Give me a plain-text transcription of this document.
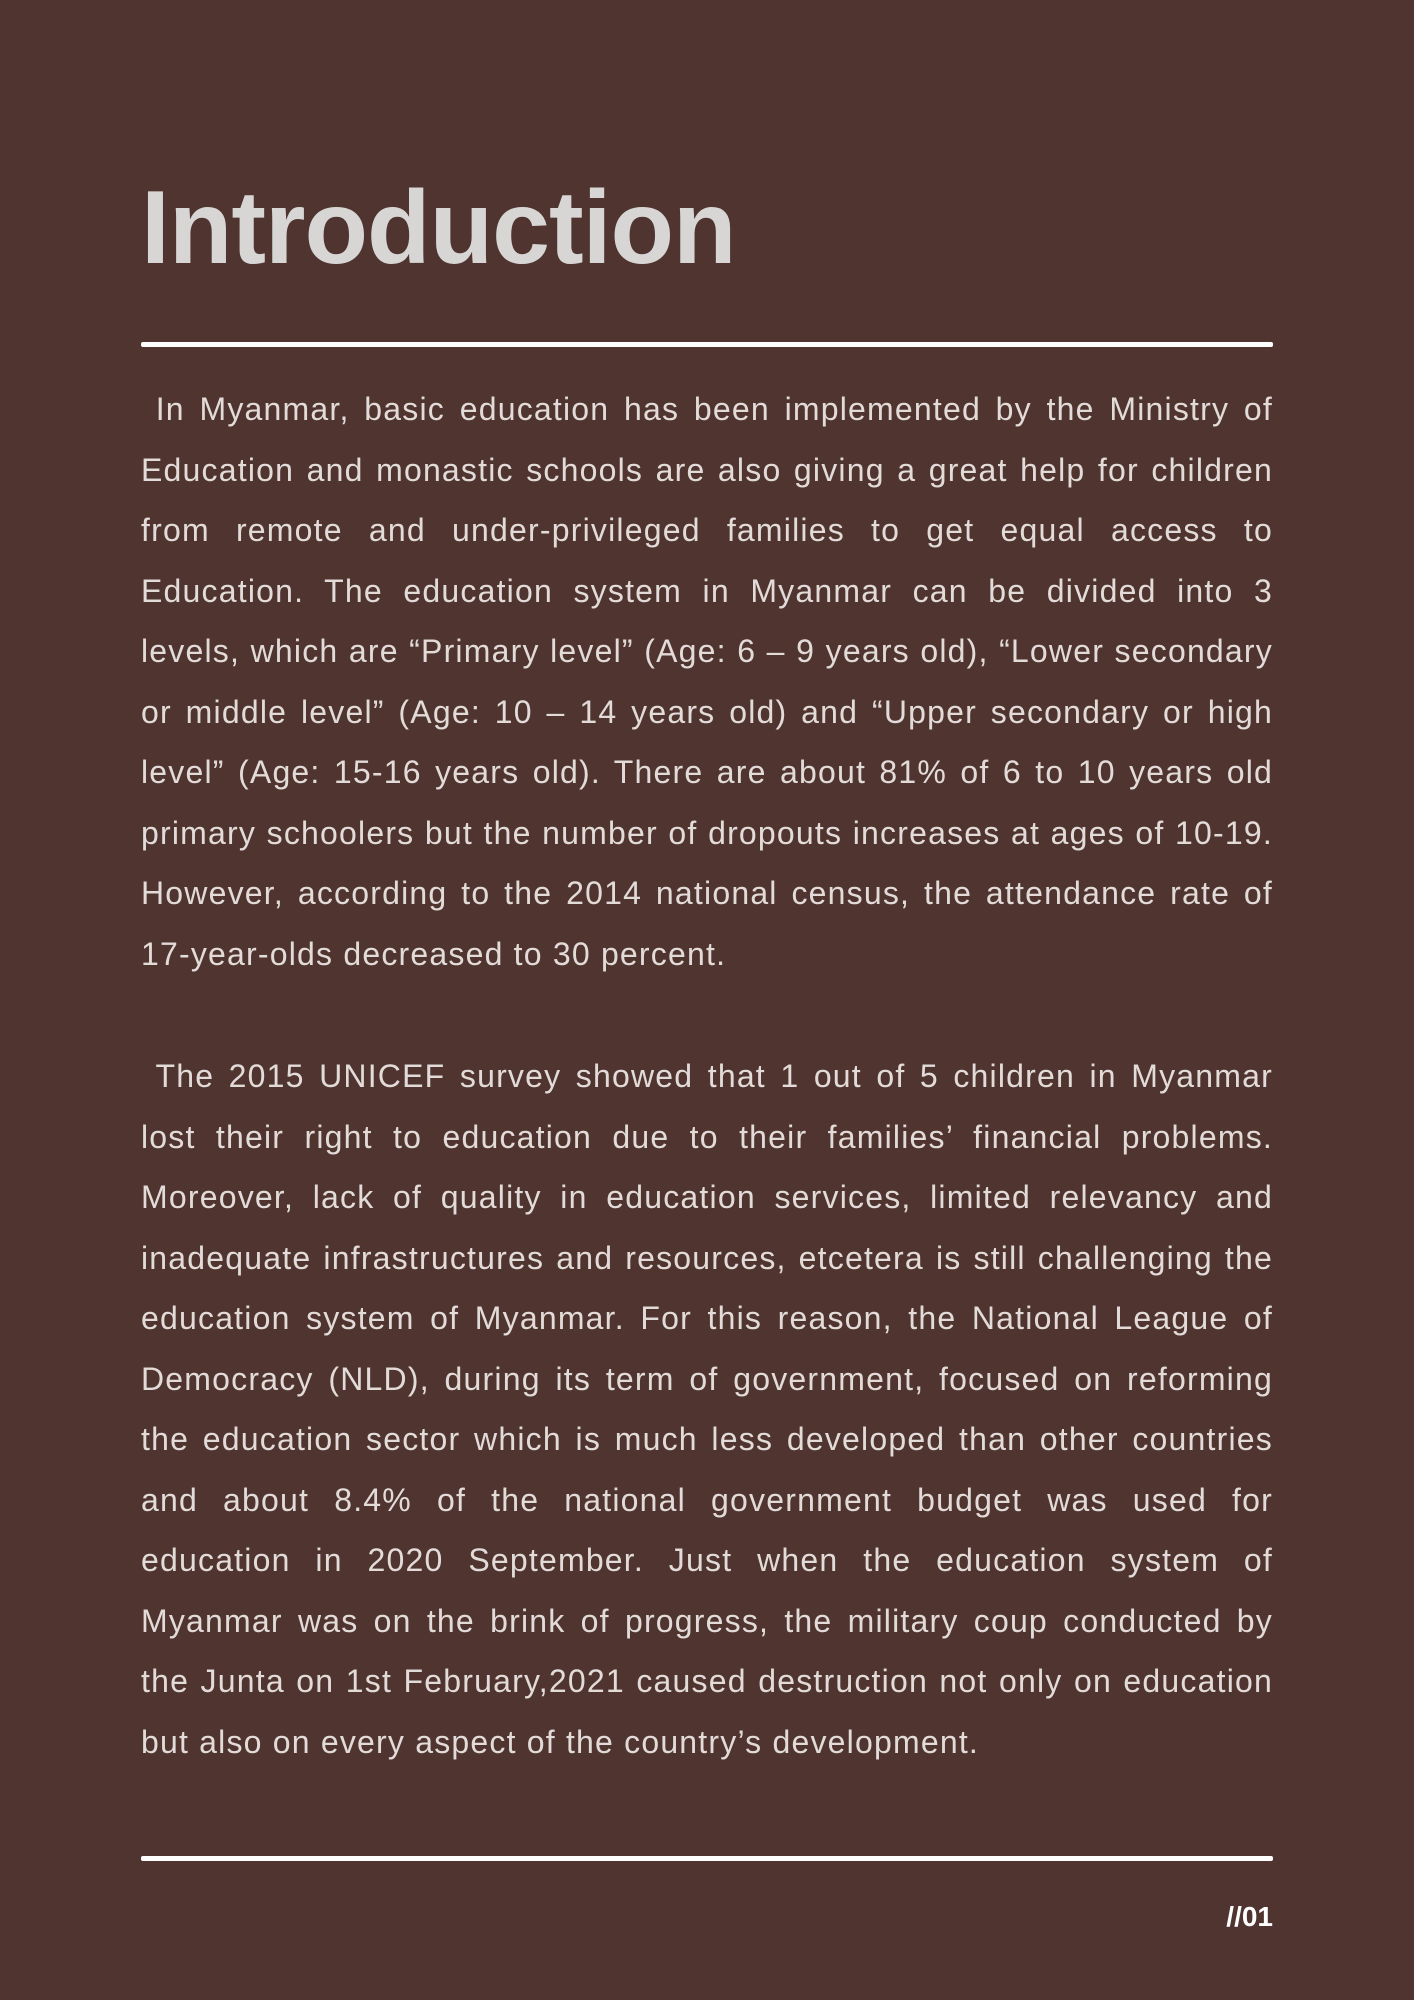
Introduction

In Myanmar, basic education has been implemented by the Ministry of Education and monastic schools are also giving a great help for children from remote and under-privileged families to get equal access to Education. The education system in Myanmar can be divided into 3 levels, which are “Primary level” (Age: 6 – 9 years old), “Lower secondary or middle level” (Age: 10 – 14 years old) and “Upper secondary or high level” (Age: 15-16 years old). There are about 81% of 6 to 10 years old primary schoolers but the number of dropouts increases at ages of 10-19. However, according to the 2014 national census, the attendance rate of 17-year-olds decreased to 30 percent.

The 2015 UNICEF survey showed that 1 out of 5 children in Myanmar lost their right to education due to their families’ financial problems. Moreover, lack of quality in education services, limited relevancy and inadequate infrastructures and resources, etcetera is still challenging the education system of Myanmar. For this reason, the National League of Democracy (NLD), during its term of government, focused on reforming the education sector which is much less developed than other countries and about 8.4% of the national government budget was used for education in 2020 September. Just when the education system of Myanmar was on the brink of progress, the military coup conducted by the Junta on 1st February,2021 caused destruction not only on education but also on every aspect of the country’s development.

//01
